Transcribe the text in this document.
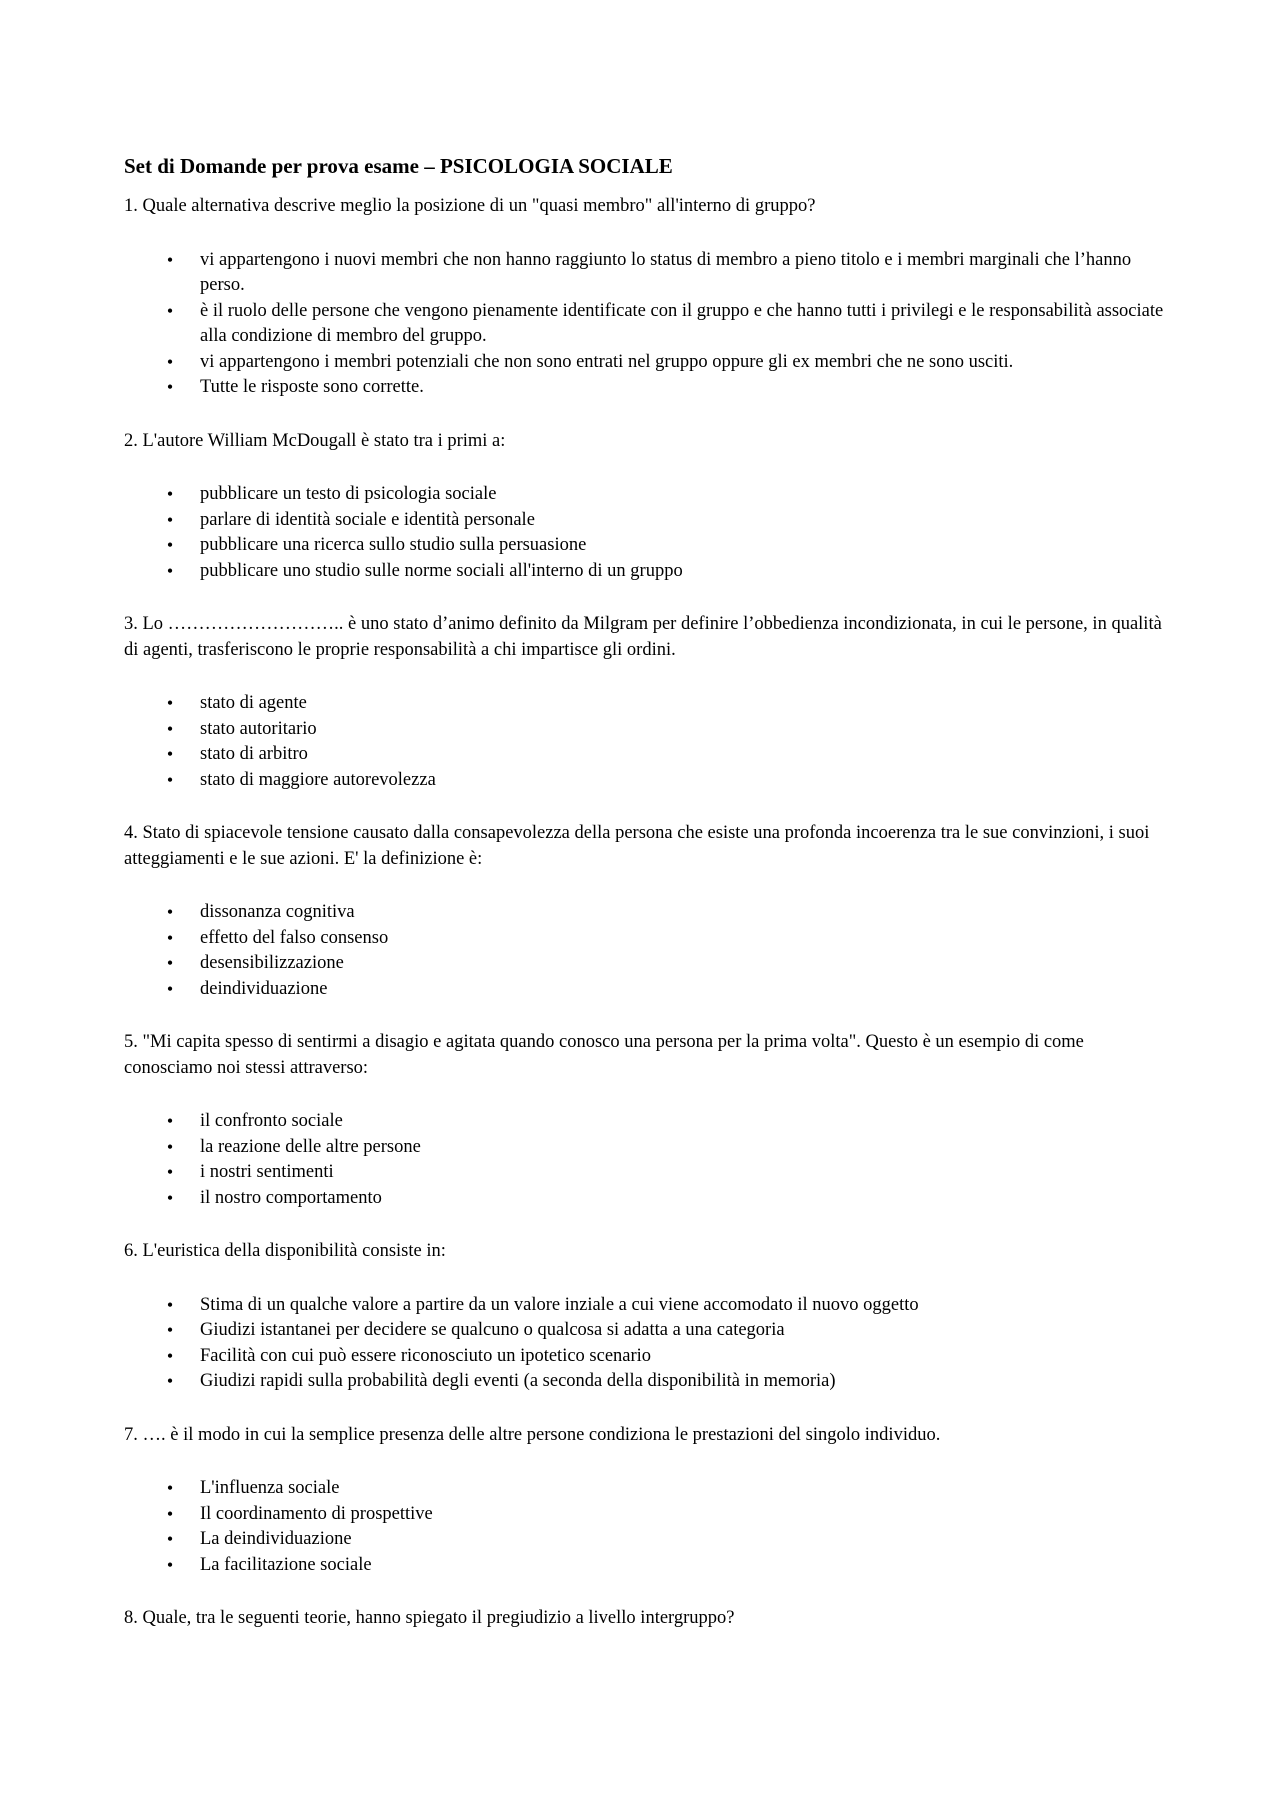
Set di Domande per prova esame – PSICOLOGIA SOCIALE

1. Quale alternativa descrive meglio la posizione di un "quasi membro" all'interno di gruppo?

•	vi appartengono i nuovi membri che non hanno raggiunto lo status di membro a pieno titolo e i membri marginali che l’hanno perso.
•	è il ruolo delle persone che vengono pienamente identificate con il gruppo e che hanno tutti i privilegi e le responsabilità associate alla condizione di membro del gruppo.
•	vi appartengono i membri potenziali che non sono entrati nel gruppo oppure gli ex membri che ne sono usciti.
•	Tutte le risposte sono corrette.

2. L'autore William McDougall è stato tra i primi a:

•	pubblicare un testo di psicologia sociale
•	parlare di identità sociale e identità personale
•	pubblicare una ricerca sullo studio sulla persuasione
•	pubblicare uno studio sulle norme sociali all'interno di un gruppo

3. Lo ……………………….. è uno stato d’animo definito da Milgram per definire l’obbedienza incondizionata, in cui le persone, in qualità di agenti, trasferiscono le proprie responsabilità a chi impartisce gli ordini.

•	stato di agente
•	stato autoritario
•	stato di arbitro
•	stato di maggiore autorevolezza

4. Stato di spiacevole tensione causato dalla consapevolezza della persona che esiste una profonda incoerenza tra le sue convinzioni, i suoi atteggiamenti e le sue azioni. E' la definizione è:

•	dissonanza cognitiva
•	effetto del falso consenso
•	desensibilizzazione
•	deindividuazione

5. "Mi capita spesso di sentirmi a disagio e agitata quando conosco una persona per la prima volta". Questo è un esempio di come conosciamo noi stessi attraverso:

•	il confronto sociale
•	la reazione delle altre persone
•	i nostri sentimenti
•	il nostro comportamento

6. L'euristica della disponibilità consiste in:

•	Stima di un qualche valore a partire da un valore inziale a cui viene accomodato il nuovo oggetto
•	Giudizi istantanei per decidere se qualcuno o qualcosa si adatta a una categoria
•	Facilità con cui può essere riconosciuto un ipotetico scenario
•	Giudizi rapidi sulla probabilità degli eventi (a seconda della disponibilità in memoria)

7. …. è il modo in cui la semplice presenza delle altre persone condiziona le prestazioni del singolo individuo.

•	L'influenza sociale
•	Il coordinamento di prospettive
•	La deindividuazione
•	La facilitazione sociale

8. Quale, tra le seguenti teorie, hanno spiegato il pregiudizio a livello intergruppo?
